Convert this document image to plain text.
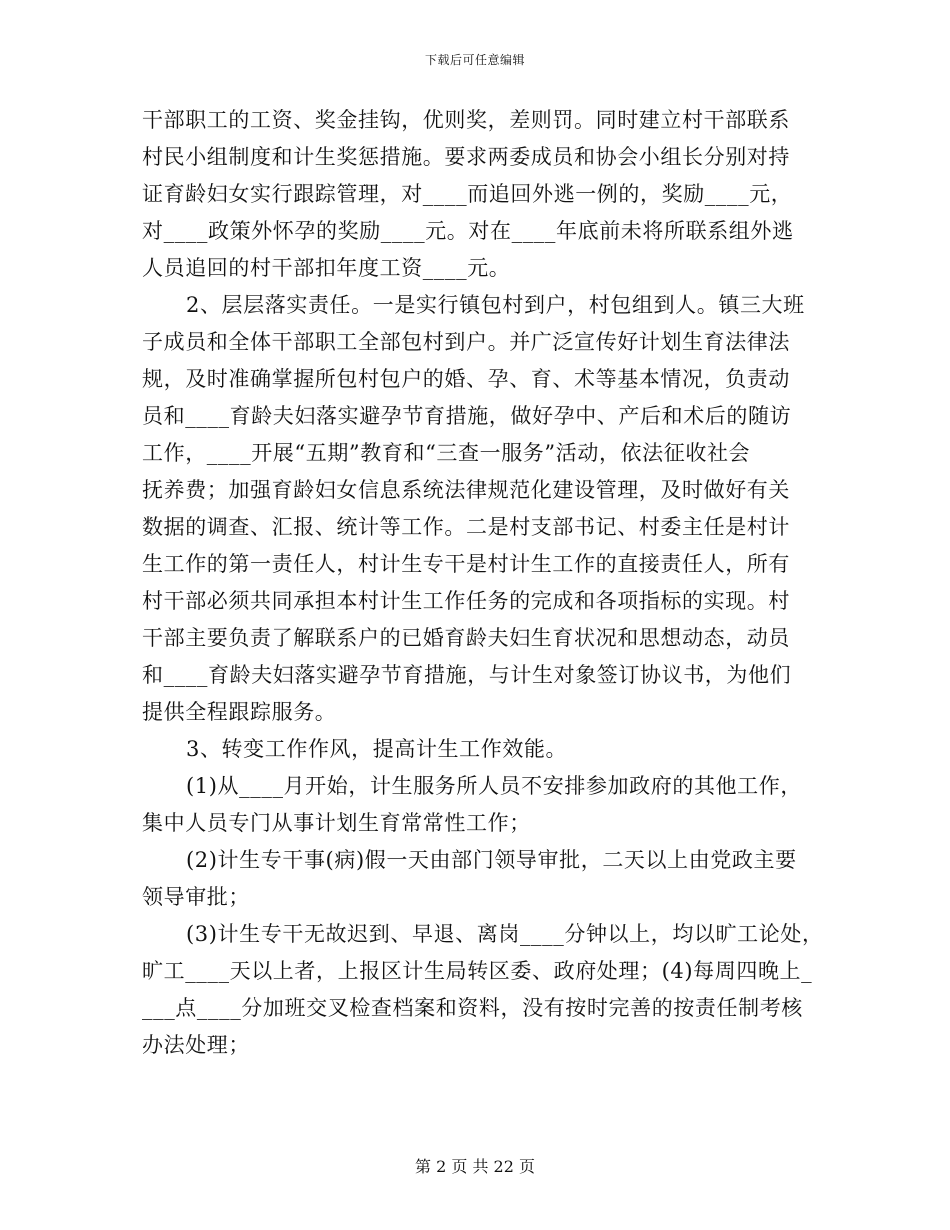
下载后可任意编辑
干部职工的工资、奖金挂钩，优则奖，差则罚。同时建立村干部联系
村民小组制度和计生奖惩措施。要求两委成员和协会小组长分别对持
证育龄妇女实行跟踪管理，对____而追回外逃一例的，奖励____元，
对____政策外怀孕的奖励____元。对在____年底前未将所联系组外逃
人员追回的村干部扣年度工资____元。
2、层层落实责任。一是实行镇包村到户，村包组到人。镇三大班
子成员和全体干部职工全部包村到户。并广泛宣传好计划生育法律法
规，及时准确掌握所包村包户的婚、孕、育、术等基本情况，负责动
员和____育龄夫妇落实避孕节育措施，做好孕中、产后和术后的随访
工作，____开展“五期”教育和“三查一服务”活动，依法征收社会
抚养费；加强育龄妇女信息系统法律规范化建设管理，及时做好有关
数据的调查、汇报、统计等工作。二是村支部书记、村委主任是村计
生工作的第一责任人，村计生专干是村计生工作的直接责任人，所有
村干部必须共同承担本村计生工作任务的完成和各项指标的实现。村
干部主要负责了解联系户的已婚育龄夫妇生育状况和思想动态，动员
和____育龄夫妇落实避孕节育措施，与计生对象签订协议书，为他们
提供全程跟踪服务。
3、转变工作作风，提高计生工作效能。
(1)从____月开始，计生服务所人员不安排参加政府的其他工作，
集中人员专门从事计划生育常常性工作；
(2)计生专干事(病)假一天由部门领导审批，二天以上由党政主要
领导审批；
(3)计生专干无故迟到、早退、离岗____分钟以上，均以旷工论处，
旷工____天以上者，上报区计生局转区委、政府处理；(4)每周四晚上_
___点____分加班交叉检查档案和资料，没有按时完善的按责任制考核
办法处理；
第 2 页 共 22 页
